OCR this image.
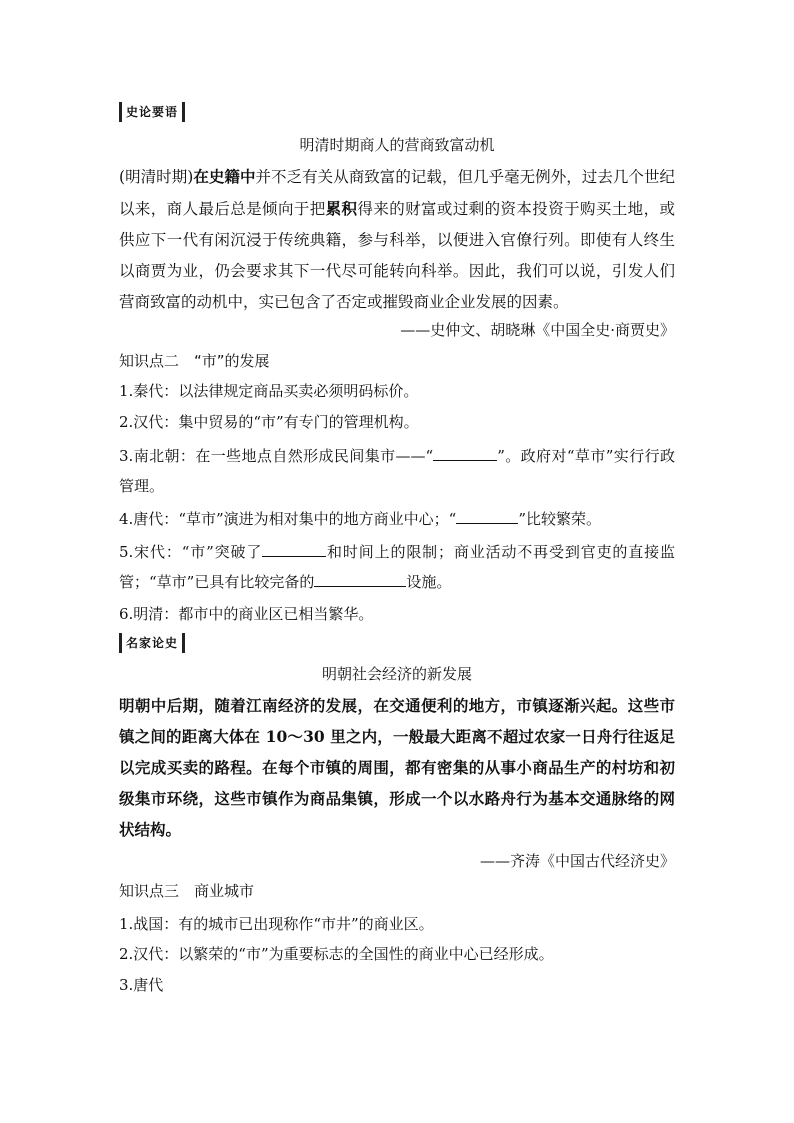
史论要语
明清时期商人的营商致富动机
(明清时期)在史籍中并不乏有关从商致富的记载，但几乎毫无例外，过去几个世纪以来，商人最后总是倾向于把累积得来的财富或过剩的资本投资于购买土地，或供应下一代有闲沉浸于传统典籍，参与科举，以便进入官僚行列。即使有人终生以商贾为业，仍会要求其下一代尽可能转向科举。因此，我们可以说，引发人们营商致富的动机中，实已包含了否定或摧毁商业企业发展的因素。
——史仲文、胡晓琳《中国全史·商贾史》
知识点二　“市”的发展
1.秦代：以法律规定商品买卖必须明码标价。
2.汉代：集中贸易的“市”有专门的管理机构。
3.南北朝：在一些地点自然形成民间集市——“	”。政府对“草市”实行行政管理。
4.唐代：“草市”演进为相对集中的地方商业中心；“	”比较繁荣。
5.宋代：“市”突破了	和时间上的限制；商业活动不再受到官吏的直接监管；“草市”已具有比较完备的	设施。
6.明清：都市中的商业区已相当繁华。
名家论史
明朝社会经济的新发展
明朝中后期，随着江南经济的发展，在交通便利的地方，市镇逐渐兴起。这些市镇之间的距离大体在 10～30 里之内，一般最大距离不超过农家一日舟行往返足以完成买卖的路程。在每个市镇的周围，都有密集的从事小商品生产的村坊和初级集市环绕，这些市镇作为商品集镇，形成一个以水路舟行为基本交通脉络的网状结构。
——齐涛《中国古代经济史》
知识点三　商业城市
1.战国：有的城市已出现称作“市井”的商业区。
2.汉代：以繁荣的“市”为重要标志的全国性的商业中心已经形成。
3.唐代
